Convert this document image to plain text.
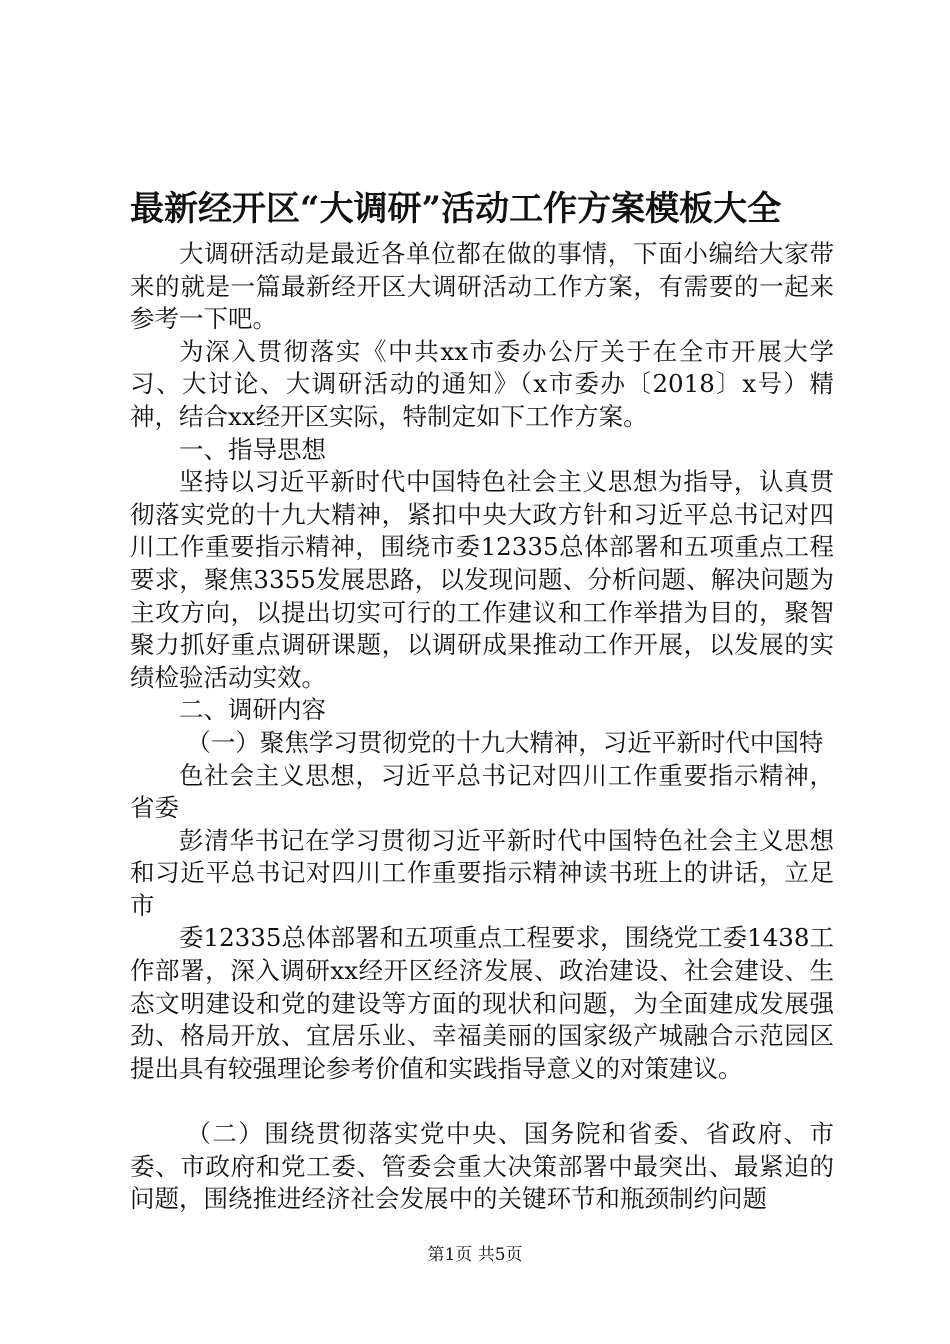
最新经开区“大调研”活动工作方案模板大全

大调研活动是最近各单位都在做的事情，下面小编给大家带来的就是一篇最新经开区大调研活动工作方案，有需要的一起来参考一下吧。

为深入贯彻落实《中共xx市委办公厅关于在全市开展大学习、大讨论、大调研活动的通知》（x市委办〔2018〕x号）精神，结合xx经开区实际，特制定如下工作方案。

一、指导思想

坚持以习近平新时代中国特色社会主义思想为指导，认真贯彻落实党的十九大精神，紧扣中央大政方针和习近平总书记对四川工作重要指示精神，围绕市委12335总体部署和五项重点工程要求，聚焦3355发展思路，以发现问题、分析问题、解决问题为主攻方向，以提出切实可行的工作建议和工作举措为目的，聚智聚力抓好重点调研课题，以调研成果推动工作开展，以发展的实绩检验活动实效。

二、调研内容

（一）聚焦学习贯彻党的十九大精神，习近平新时代中国特

色社会主义思想，习近平总书记对四川工作重要指示精神，省委

彭清华书记在学习贯彻习近平新时代中国特色社会主义思想和习近平总书记对四川工作重要指示精神读书班上的讲话，立足市

委12335总体部署和五项重点工程要求，围绕党工委1438工作部署，深入调研xx经开区经济发展、政治建设、社会建设、生态文明建设和党的建设等方面的现状和问题，为全面建成发展强劲、格局开放、宜居乐业、幸福美丽的国家级产城融合示范园区提出具有较强理论参考价值和实践指导意义的对策建议。

（二）围绕贯彻落实党中央、国务院和省委、省政府、市委、市政府和党工委、管委会重大决策部署中最突出、最紧迫的问题，围绕推进经济社会发展中的关键环节和瓶颈制约问题

第1页 共5页
